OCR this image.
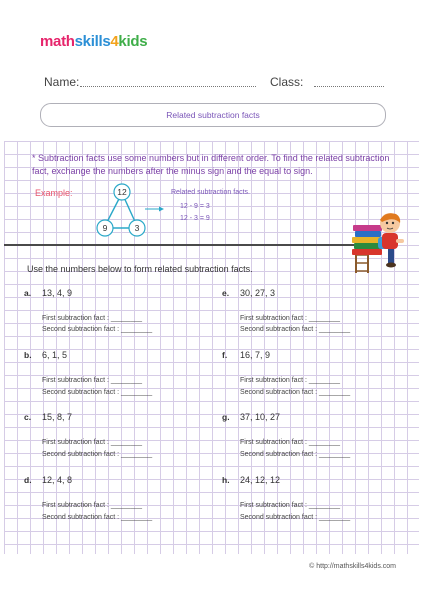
mathskills4kids
Name:	Class:
Related subtraction facts
* Subtraction facts use some numbers but in different order. To find the related subtraction fact, exchange the numbers after the minus sign and the equal to sign.
Example:	12
9	3
Related subtraction facts.
12 - 9 = 3
12 - 3 = 9
Use the numbers below to form related subtraction facts.
a. 13, 4, 9
First subtraction fact : ________
Second subtraction fact : ________
b. 6, 1, 5
First subtraction fact : ________
Second subtraction fact : ________
c. 15, 8, 7
First subtraction fact : ________
Second subtraction fact : ________
d. 12, 4, 8
First subtraction fact : ________
Second subtraction fact : ________
e. 30, 27, 3
First subtraction fact : ________
Second subtraction fact : ________
f. 16, 7, 9
First subtraction fact : ________
Second subtraction fact : ________
g. 37, 10, 27
First subtraction fact : ________
Second subtraction fact : ________
h. 24, 12, 12
First subtraction fact : ________
Second subtraction fact : ________
© http://mathskills4kids.com
